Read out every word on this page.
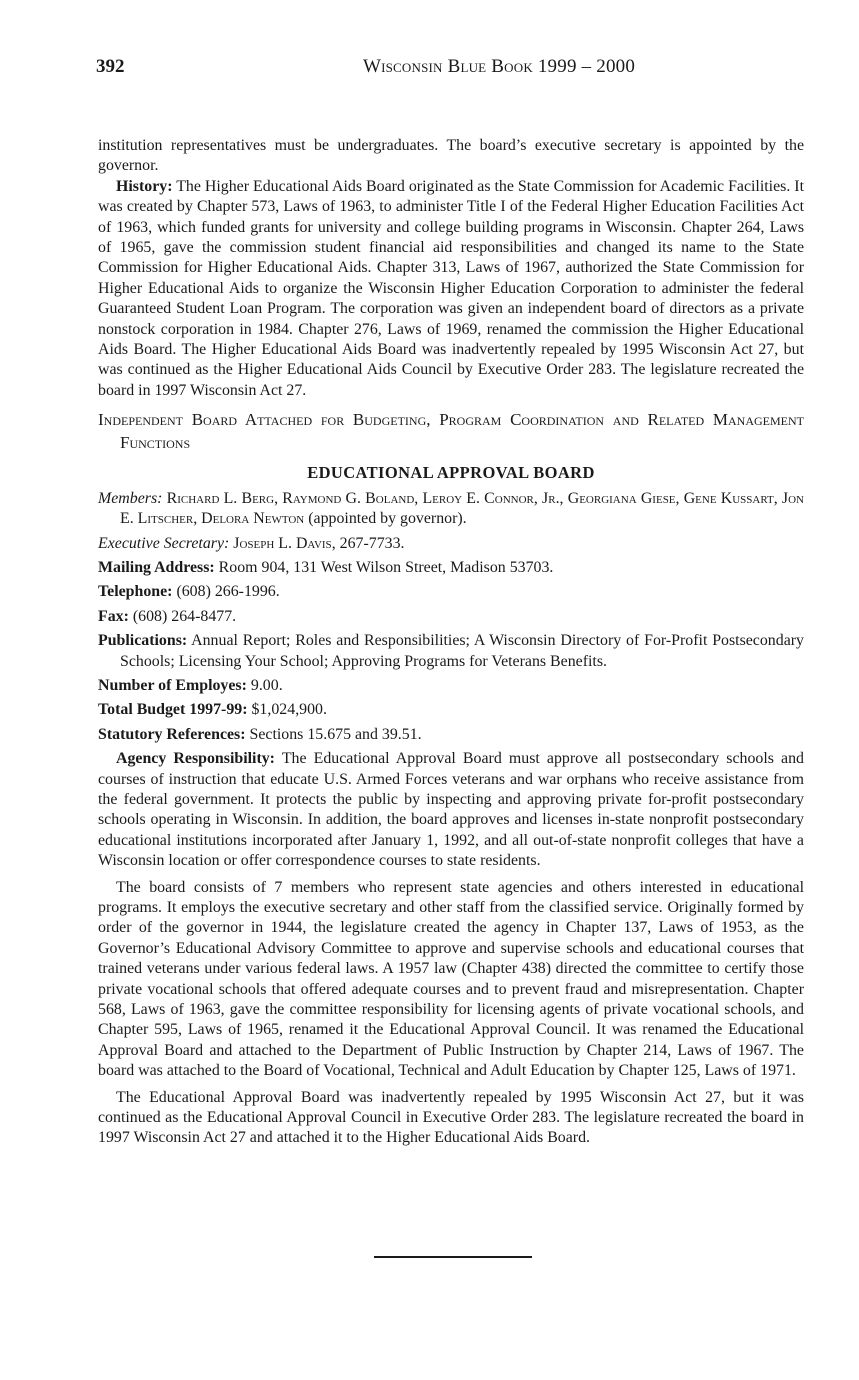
392	Wisconsin Blue Book 1999 – 2000

institution representatives must be undergraduates. The board’s executive secretary is appointed by the governor.

History: The Higher Educational Aids Board originated as the State Commission for Academic Facilities. It was created by Chapter 573, Laws of 1963, to administer Title I of the Federal Higher Education Facilities Act of 1963, which funded grants for university and college building programs in Wisconsin. Chapter 264, Laws of 1965, gave the commission student financial aid responsibilities and changed its name to the State Commission for Higher Educational Aids. Chapter 313, Laws of 1967, authorized the State Commission for Higher Educational Aids to organize the Wisconsin Higher Education Corporation to administer the federal Guaranteed Student Loan Program. The corporation was given an independent board of directors as a private nonstock corporation in 1984. Chapter 276, Laws of 1969, renamed the commission the Higher Educational Aids Board. The Higher Educational Aids Board was inadvertently repealed by 1995 Wisconsin Act 27, but was continued as the Higher Educational Aids Council by Executive Order 283. The legislature recreated the board in 1997 Wisconsin Act 27.

Independent Board Attached for Budgeting, Program Coordination and Related Management Functions

EDUCATIONAL APPROVAL BOARD

Members: Richard L. Berg, Raymond G. Boland, Leroy E. Connor, Jr., Georgiana Giese, Gene Kussart, Jon E. Litscher, Delora Newton (appointed by governor).

Executive Secretary: Joseph L. Davis, 267-7733.

Mailing Address: Room 904, 131 West Wilson Street, Madison 53703.

Telephone: (608) 266-1996.

Fax: (608) 264-8477.

Publications: Annual Report; Roles and Responsibilities; A Wisconsin Directory of For-Profit Postsecondary Schools; Licensing Your School; Approving Programs for Veterans Benefits.

Number of Employes: 9.00.

Total Budget 1997-99: $1,024,900.

Statutory References: Sections 15.675 and 39.51.

Agency Responsibility: The Educational Approval Board must approve all postsecondary schools and courses of instruction that educate U.S. Armed Forces veterans and war orphans who receive assistance from the federal government. It protects the public by inspecting and approving private for-profit postsecondary schools operating in Wisconsin. In addition, the board approves and licenses in-state nonprofit postsecondary educational institutions incorporated after January 1, 1992, and all out-of-state nonprofit colleges that have a Wisconsin location or offer correspondence courses to state residents.

The board consists of 7 members who represent state agencies and others interested in educational programs. It employs the executive secretary and other staff from the classified service. Originally formed by order of the governor in 1944, the legislature created the agency in Chapter 137, Laws of 1953, as the Governor’s Educational Advisory Committee to approve and supervise schools and educational courses that trained veterans under various federal laws. A 1957 law (Chapter 438) directed the committee to certify those private vocational schools that offered adequate courses and to prevent fraud and misrepresentation. Chapter 568, Laws of 1963, gave the committee responsibility for licensing agents of private vocational schools, and Chapter 595, Laws of 1965, renamed it the Educational Approval Council. It was renamed the Educational Approval Board and attached to the Department of Public Instruction by Chapter 214, Laws of 1967. The board was attached to the Board of Vocational, Technical and Adult Education by Chapter 125, Laws of 1971.

The Educational Approval Board was inadvertently repealed by 1995 Wisconsin Act 27, but it was continued as the Educational Approval Council in Executive Order 283. The legislature recreated the board in 1997 Wisconsin Act 27 and attached it to the Higher Educational Aids Board.
